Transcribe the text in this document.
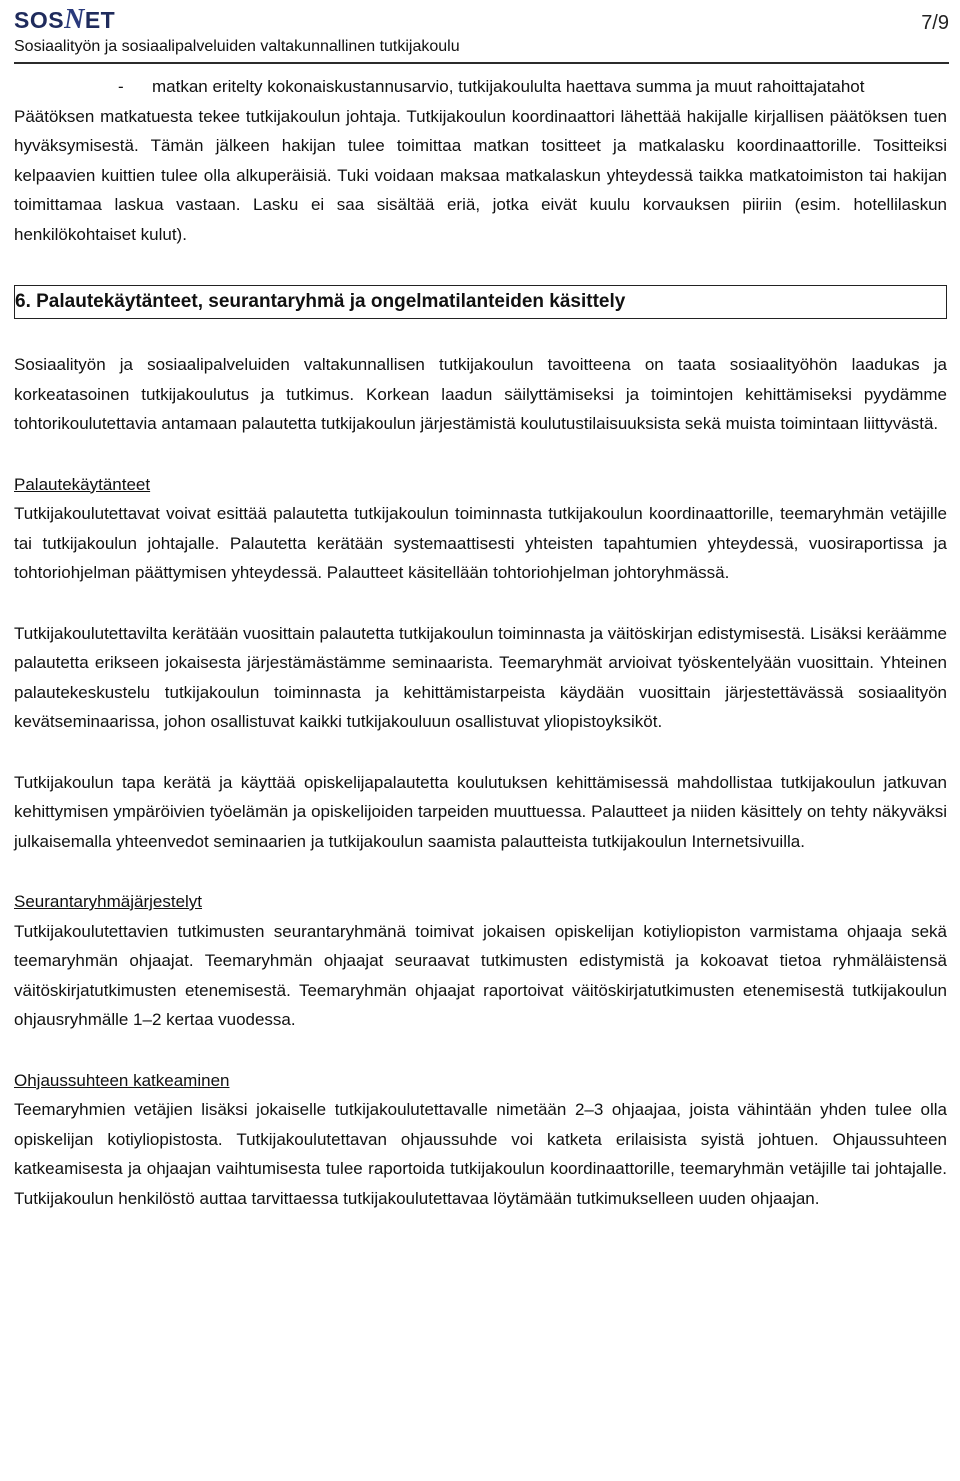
SOSNET
Sosiaalityön ja sosiaalipalveluiden valtakunnallinen tutkijakoulu
7/9

- matkan eritelty kokonaiskustannusarvio, tutkijakoululta haettava summa ja muut rahoittajatahot

Päätöksen matkatuesta tekee tutkijakoulun johtaja. Tutkijakoulun koordinaattori lähettää hakijalle kirjallisen päätöksen tuen hyväksymisestä. Tämän jälkeen hakijan tulee toimittaa matkan tositteet ja matkalasku koordinaattorille. Tositteiksi kelpaavien kuittien tulee olla alkuperäisiä. Tuki voidaan maksaa matkalaskun yhteydessä taikka matkatoimiston tai hakijan toimittamaa laskua vastaan. Lasku ei saa sisältää eriä, jotka eivät kuulu korvauksen piiriin (esim. hotellilaskun henkilökohtaiset kulut).

6. Palautekäytänteet, seurantaryhmä ja ongelmatilanteiden käsittely

Sosiaalityön ja sosiaalipalveluiden valtakunnallisen tutkijakoulun tavoitteena on taata sosiaalityöhön laadukas ja korkeatasoinen tutkijakoulutus ja tutkimus. Korkean laadun säilyttämiseksi ja toimintojen kehittämiseksi pyydämme tohtorikoulutettavia antamaan palautetta tutkijakoulun järjestämistä koulutustilaisuuksista sekä muista toimintaan liittyvästä.

Palautekäytänteet

Tutkijakoulutettavat voivat esittää palautetta tutkijakoulun toiminnasta tutkijakoulun koordinaattorille, teemaryhmän vetäjille tai tutkijakoulun johtajalle. Palautetta kerätään systemaattisesti yhteisten tapahtumien yhteydessä, vuosiraportissa ja tohtoriohjelman päättymisen yhteydessä. Palautteet käsitellään tohtoriohjelman johtoryhmässä.

Tutkijakoulutettavilta kerätään vuosittain palautetta tutkijakoulun toiminnasta ja väitöskirjan edistymisestä. Lisäksi keräämme palautetta erikseen jokaisesta järjestämästämme seminaarista. Teemaryhmät arvioivat työskentelyään vuosittain. Yhteinen palautekeskustelu tutkijakoulun toiminnasta ja kehittämistarpeista käydään vuosittain järjestettävässä sosiaalityön kevätseminaarissa, johon osallistuvat kaikki tutkijakouluun osallistuvat yliopistoyksiköt.

Tutkijakoulun tapa kerätä ja käyttää opiskelijapalautetta koulutuksen kehittämisessä mahdollistaa tutkijakoulun jatkuvan kehittymisen ympäröivien työelämän ja opiskelijoiden tarpeiden muuttuessa. Palautteet ja niiden käsittely on tehty näkyväksi julkaisemalla yhteenvedot seminaarien ja tutkijakoulun saamista palautteista tutkijakoulun Internetsivuilla.

Seurantaryhmäjärjestelyt

Tutkijakoulutettavien tutkimusten seurantaryhmänä toimivat jokaisen opiskelijan kotiyliopiston varmistama ohjaaja sekä teemaryhmän ohjaajat. Teemaryhmän ohjaajat seuraavat tutkimusten edistymistä ja kokoavat tietoa ryhmäläistensä väitöskirjatutkimusten etenemisestä. Teemaryhmän ohjaajat raportoivat väitöskirjatutkimusten etenemisestä tutkijakoulun ohjausryhmälle 1–2 kertaa vuodessa.

Ohjaussuhteen katkeaminen

Teemaryhmien vetäjien lisäksi jokaiselle tutkijakoulutettavalle nimetään 2–3 ohjaajaa, joista vähintään yhden tulee olla opiskelijan kotiyliopistosta. Tutkijakoulutettavan ohjaussuhde voi katketa erilaisista syistä johtuen. Ohjaussuhteen katkeamisesta ja ohjaajan vaihtumisesta tulee raportoida tutkijakoulun koordinaattorille, teemaryhmän vetäjille tai johtajalle. Tutkijakoulun henkilöstö auttaa tarvittaessa tutkijakoulutettavaa löytämään tutkimukselleen uuden ohjaajan.
